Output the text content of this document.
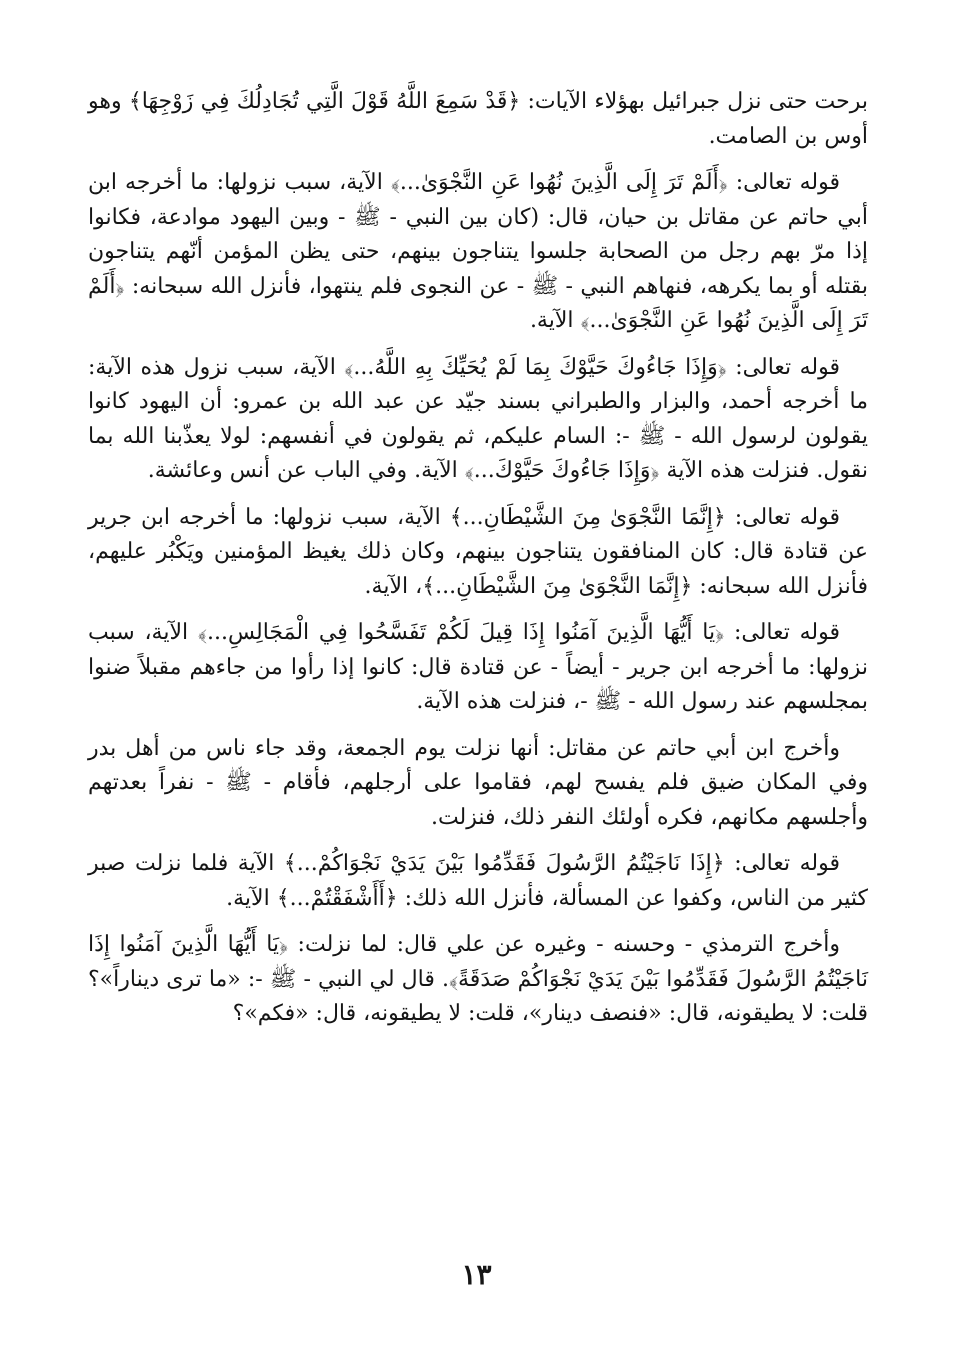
برحت حتى نزل جبرائيل بهؤلاء الآيات: ﴿قَدْ سَمِعَ اللَّهُ قَوْلَ الَّتِي تُجَادِلُكَ فِي زَوْجِهَا﴾ وهو أوس بن الصامت.

قوله تعالى: ﴿أَلَمْ تَرَ إِلَى الَّذِينَ نُهُوا عَنِ النَّجْوَىٰ...﴾ الآية، سبب نزولها: ما أخرجه ابن أبي حاتم عن مقاتل بن حيان، قال: (كان بين النبي - ﷺ - وبين اليهود موادعة، فكانوا إذا مرّ بهم رجل من الصحابة جلسوا يتناجون بينهم، حتى يظن المؤمن أنّهم يتناجون بقتله أو بما يكرهه، فنهاهم النبي - ﷺ - عن النجوى فلم ينتهوا، فأنزل الله سبحانه: ﴿أَلَمْ تَرَ إِلَى الَّذِينَ نُهُوا عَنِ النَّجْوَىٰ...﴾ الآية.

قوله تعالى: ﴿وَإِذَا جَاءُوكَ حَيَّوْكَ بِمَا لَمْ يُحَيِّكَ بِهِ اللَّهُ...﴾ الآية، سبب نزول هذه الآية: ما أخرجه أحمد، والبزار والطبراني بسند جيّد عن عبد الله بن عمرو: أن اليهود كانوا يقولون لرسول الله - ﷺ -: السام عليكم، ثم يقولون في أنفسهم: لولا يعذّبنا الله بما نقول. فنزلت هذه الآية ﴿وَإِذَا جَاءُوكَ حَيَّوْكَ...﴾ الآية. وفي الباب عن أنس وعائشة.

قوله تعالى: ﴿إِنَّمَا النَّجْوَىٰ مِنَ الشَّيْطَانِ...﴾ الآية، سبب نزولها: ما أخرجه ابن جرير عن قتادة قال: كان المنافقون يتناجون بينهم، وكان ذلك يغيظ المؤمنين ويَكْبُر عليهم، فأنزل الله سبحانه: ﴿إِنَّمَا النَّجْوَىٰ مِنَ الشَّيْطَانِ...﴾، الآية.

قوله تعالى: ﴿يَا أَيُّهَا الَّذِينَ آمَنُوا إِذَا قِيلَ لَكُمْ تَفَسَّحُوا فِي الْمَجَالِسِ...﴾ الآية، سبب نزولها: ما أخرجه ابن جرير - أيضاً - عن قتادة قال: كانوا إذا رأوا من جاءهم مقبلاً ضنوا بمجلسهم عند رسول الله - ﷺ -، فنزلت هذه الآية.

وأخرج ابن أبي حاتم عن مقاتل: أنها نزلت يوم الجمعة، وقد جاء ناس من أهل بدر وفي المكان ضيق فلم يفسح لهم، فقاموا على أرجلهم، فأقام - ﷺ - نفراً بعدتهم وأجلسهم مكانهم، فكره أولئك النفر ذلك، فنزلت.

قوله تعالى: ﴿إِذَا نَاجَيْتُمُ الرَّسُولَ فَقَدِّمُوا بَيْنَ يَدَيْ نَجْوَاكُمْ...﴾ الآية فلما نزلت صبر كثير من الناس، وكفوا عن المسألة، فأنزل الله ذلك: ﴿أَأَشْفَقْتُمْ...﴾ الآية.

وأخرج الترمذي - وحسنه - وغيره عن علي قال: لما نزلت: ﴿يَا أَيُّهَا الَّذِينَ آمَنُوا إِذَا نَاجَيْتُمُ الرَّسُولَ فَقَدِّمُوا بَيْنَ يَدَيْ نَجْوَاكُمْ صَدَقَةً﴾. قال لي النبي - ﷺ -: «ما ترى ديناراً»؟ قلت: لا يطيقونه، قال: «فنصف دينار»، قلت: لا يطيقونه، قال: «فكم»؟

١٣
